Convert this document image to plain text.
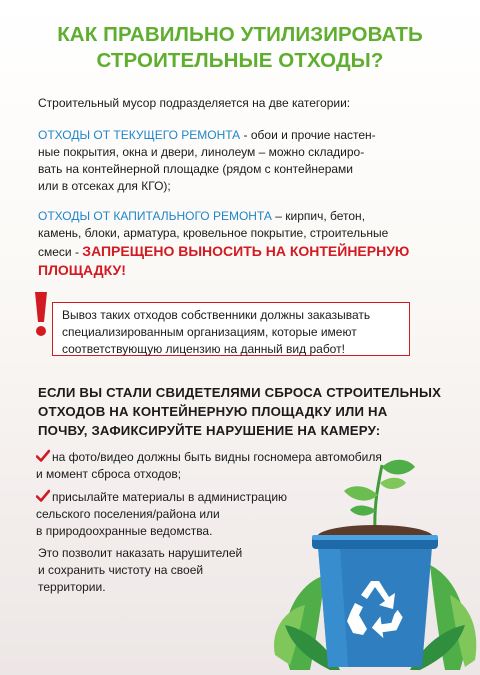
КАК ПРАВИЛЬНО УТИЛИЗИРОВАТЬ
СТРОИТЕЛЬНЫЕ ОТХОДЫ?
Строительный мусор подразделяется на две категории:
ОТХОДЫ ОТ ТЕКУЩЕГО РЕМОНТА - обои и прочие настен-
ные покрытия, окна и двери, линолеум – можно складиро-
вать на контейнерной площадке (рядом с контейнерами
или в отсеках для КГО);
ОТХОДЫ ОТ КАПИТАЛЬНОГО РЕМОНТА – кирпич, бетон,
камень, блоки, арматура, кровельное покрытие, строительные
смеси - ЗАПРЕЩЕНО ВЫНОСИТЬ НА КОНТЕЙНЕРНУЮ
ПЛОЩАДКУ!
Вывоз таких отходов собственники должны заказывать
специализированным организациям, которые имеют
соответствующую лицензию на данный вид работ!
ЕСЛИ ВЫ СТАЛИ СВИДЕТЕЛЯМИ СБРОСА СТРОИТЕЛЬНЫХ
ОТХОДОВ НА КОНТЕЙНЕРНУЮ ПЛОЩАДКУ ИЛИ НА
ПОЧВУ, ЗАФИКСИРУЙТЕ НАРУШЕНИЕ НА КАМЕРУ:
на фото/видео должны быть видны госномера автомобиля
и момент сброса отходов;
присылайте материалы в администрацию
сельского поселения/района или
в природоохранные ведомства.
Это позволит наказать нарушителей
и сохранить чистоту на своей
территории.
